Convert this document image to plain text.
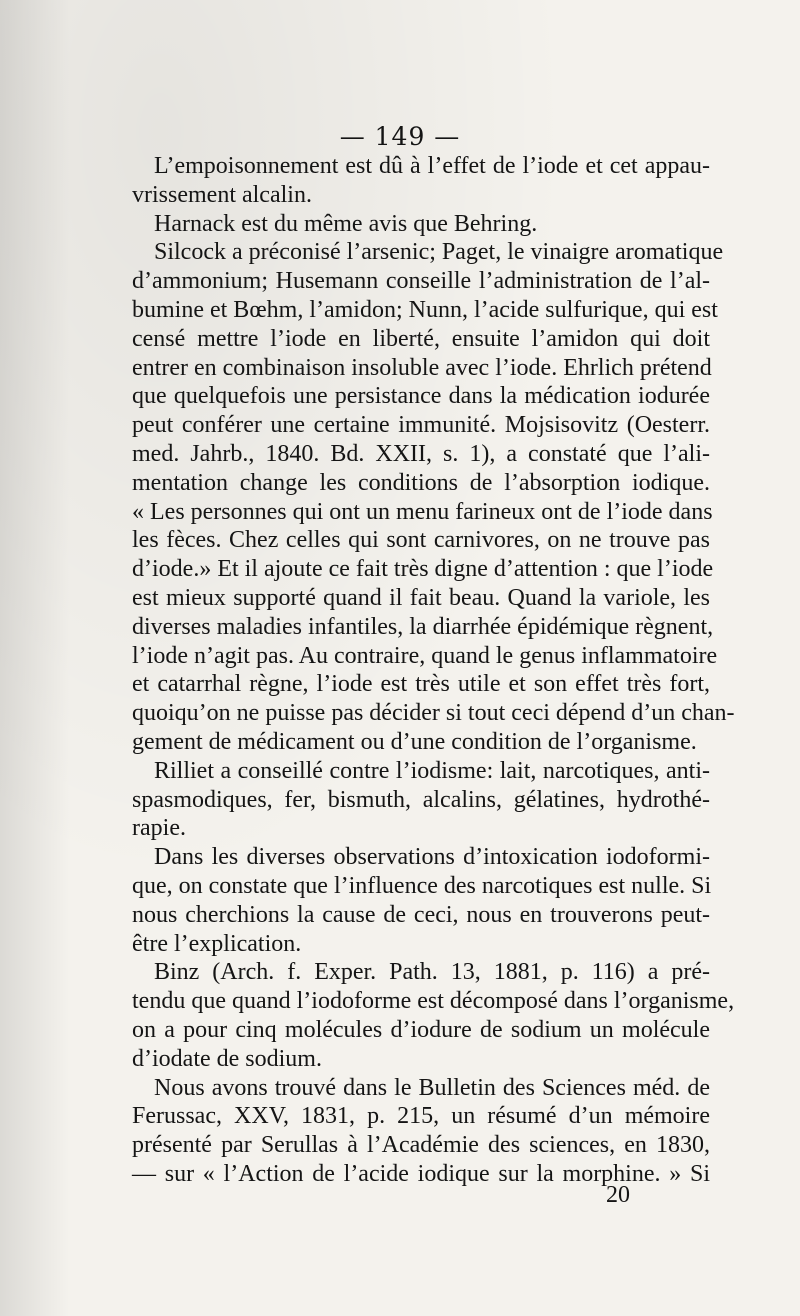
— 149 —
L’empoisonnement est dû à l’effet de l’iode et cet appau-
vrissement alcalin.
Harnack est du même avis que Behring.
Silcock a préconisé l’arsenic; Paget, le vinaigre aromatique
d’ammonium; Husemann conseille l’administration de l’al-
bumine et Bœhm, l’amidon; Nunn, l’acide sulfurique, qui est
censé mettre l’iode en liberté, ensuite l’amidon qui doit
entrer en combinaison insoluble avec l’iode. Ehrlich prétend
que quelquefois une persistance dans la médication iodurée
peut conférer une certaine immunité. Mojsisovitz (Oesterr.
med. Jahrb., 1840. Bd. XXII, s. 1), a constaté que l’ali-
mentation change les conditions de l’absorption iodique.
« Les personnes qui ont un menu farineux ont de l’iode dans
les fèces. Chez celles qui sont carnivores, on ne trouve pas
d’iode.» Et il ajoute ce fait très digne d’attention : que l’iode
est mieux supporté quand il fait beau. Quand la variole, les
diverses maladies infantiles, la diarrhée épidémique règnent,
l’iode n’agit pas. Au contraire, quand le genus inflammatoire
et catarrhal règne, l’iode est très utile et son effet très fort,
quoiqu’on ne puisse pas décider si tout ceci dépend d’un chan-
gement de médicament ou d’une condition de l’organisme.
Rilliet a conseillé contre l’iodisme: lait, narcotiques, anti-
spasmodiques, fer, bismuth, alcalins, gélatines, hydrothé-
rapie.
Dans les diverses observations d’intoxication iodoformi-
que, on constate que l’influence des narcotiques est nulle. Si
nous cherchions la cause de ceci, nous en trouverons peut-
être l’explication.
Binz (Arch. f. Exper. Path. 13, 1881, p. 116) a pré-
tendu que quand l’iodoforme est décomposé dans l’organisme,
on a pour cinq molécules d’iodure de sodium un molécule
d’iodate de sodium.
Nous avons trouvé dans le Bulletin des Sciences méd. de
Ferussac, XXV, 1831, p. 215, un résumé d’un mémoire
présenté par Serullas à l’Académie des sciences, en 1830,
— sur « l’Action de l’acide iodique sur la morphine. » Si
20
